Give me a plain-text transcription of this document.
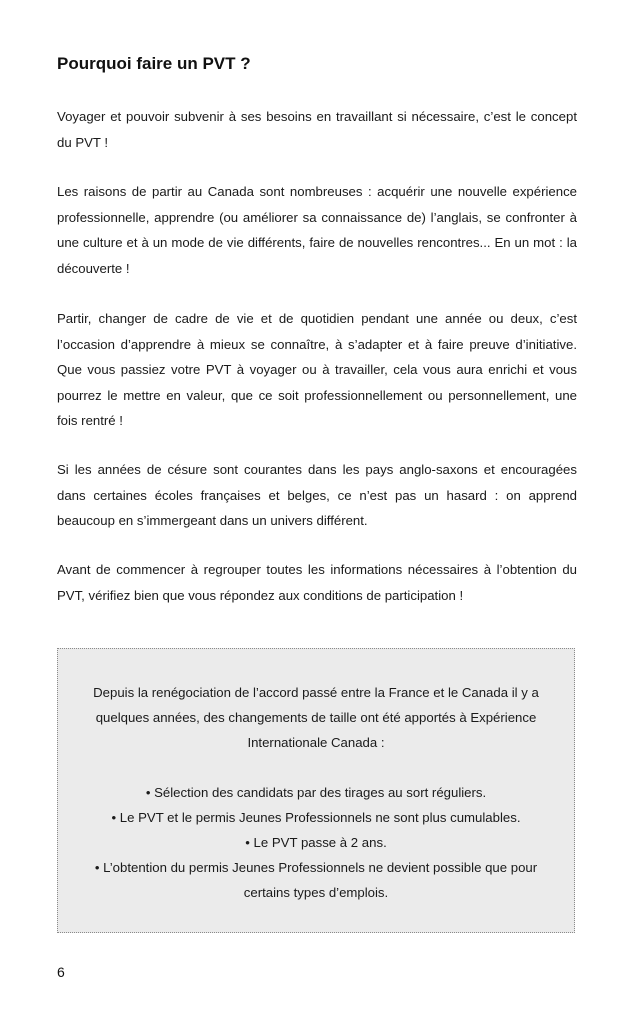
Pourquoi faire un PVT ?

Voyager et pouvoir subvenir à ses besoins en travaillant si nécessaire, c’est le concept du PVT !

Les raisons de partir au Canada sont nombreuses : acquérir une nouvelle expérience professionnelle, apprendre (ou améliorer sa connaissance de) l’anglais, se confronter à une culture et à un mode de vie différents, faire de nouvelles rencontres... En un mot : la découverte !

Partir, changer de cadre de vie et de quotidien pendant une année ou deux, c’est l’occasion d’apprendre à mieux se connaître, à s’adapter et à faire preuve d’initiative. Que vous passiez votre PVT à voyager ou à travailler, cela vous aura enrichi et vous pourrez le mettre en valeur, que ce soit professionnellement ou personnellement, une fois rentré !

Si les années de césure sont courantes dans les pays anglo-saxons et encouragées dans certaines écoles françaises et belges, ce n’est pas un hasard : on apprend beaucoup en s’immergeant dans un univers différent.

Avant de commencer à regrouper toutes les informations nécessaires à l’obtention du PVT, vérifiez bien que vous répondez aux conditions de participation !

Depuis la renégociation de l’accord passé entre la France et le Canada il y a quelques années, des changements de taille ont été apportés à Expérience Internationale Canada :

• Sélection des candidats par des tirages au sort réguliers.
• Le PVT et le permis Jeunes Professionnels ne sont plus cumulables.
• Le PVT passe à 2 ans.
• L’obtention du permis Jeunes Professionnels ne devient possible que pour certains types d’emplois.
6
